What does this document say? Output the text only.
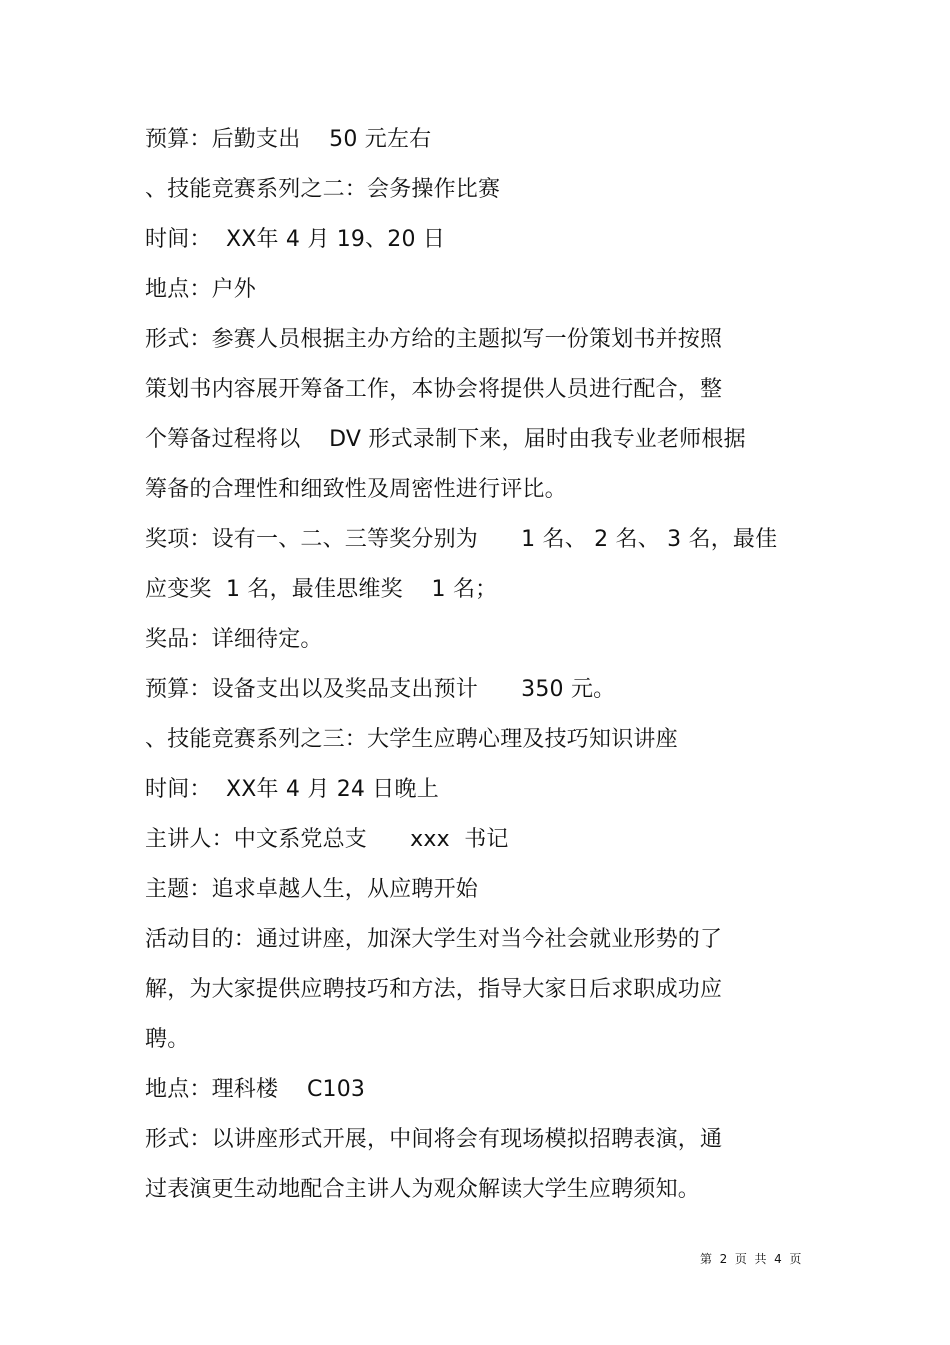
预算：后勤支出    50 元左右
、技能竞赛系列之二：会务操作比赛
时间：  XX年 4 月 19、20 日
地点：户外
形式：参赛人员根据主办方给的主题拟写一份策划书并按照
策划书内容展开筹备工作，本协会将提供人员进行配合，整
个筹备过程将以    DV 形式录制下来，届时由我专业老师根据
筹备的合理性和细致性及周密性进行评比。
奖项：设有一、二、三等奖分别为      1 名、 2 名、 3 名，最佳
应变奖  1 名，最佳思维奖    1 名；
奖品：详细待定。
预算：设备支出以及奖品支出预计      350 元。
、技能竞赛系列之三：大学生应聘心理及技巧知识讲座
时间：  XX年 4 月 24 日晚上
主讲人：中文系党总支      xxx  书记
主题：追求卓越人生，从应聘开始
活动目的：通过讲座，加深大学生对当今社会就业形势的了
解，为大家提供应聘技巧和方法，指导大家日后求职成功应
聘。
地点：理科楼    C103
形式：以讲座形式开展，中间将会有现场模拟招聘表演，通
过表演更生动地配合主讲人为观众解读大学生应聘须知。
第  2  页  共  4  页
